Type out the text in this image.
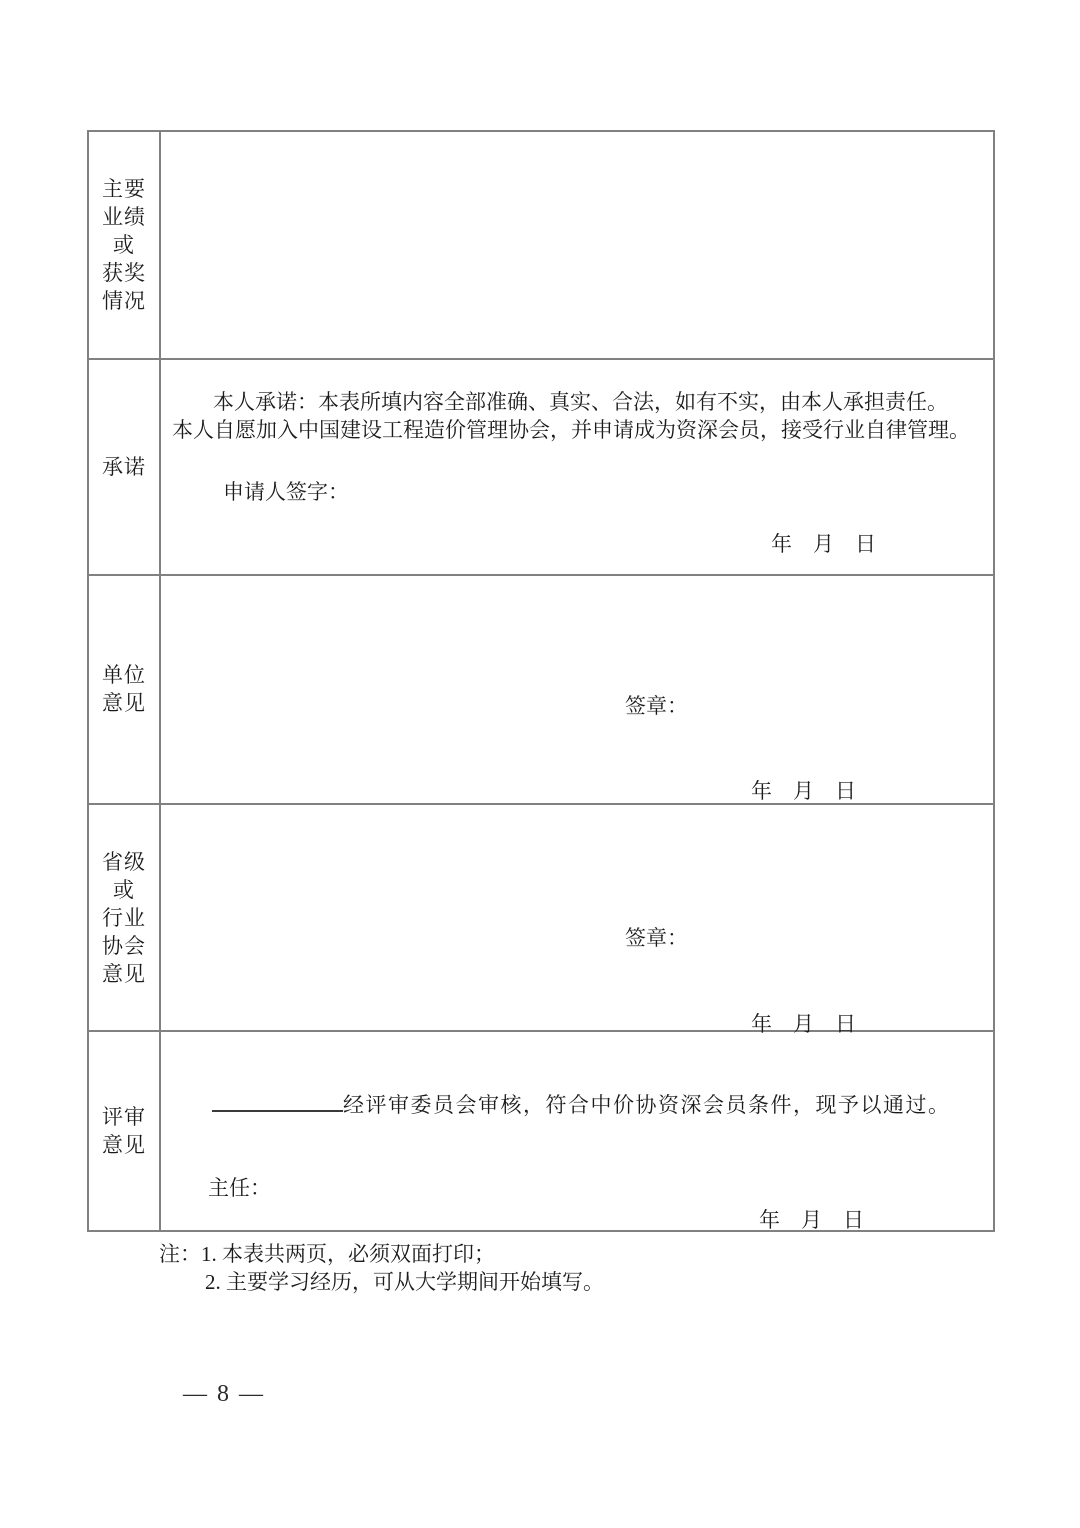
主要
业绩
或
获奖
情况
承诺
本人承诺：本表所填内容全部准确、真实、合法，如有不实，由本人承担责任。
本人自愿加入中国建设工程造价管理协会，并申请成为资深会员，接受行业自律管理。
申请人签字：
年　月　日
单位
意见	签章：
年　月　日
省级
或
行业
协会
意见
签章：
年　月　日
评审
意见
经评审委员会审核，符合中价协资深会员条件，现予以通过。
主任：
年　月　日
注：1. 本表共两页，必须双面打印；
2. 主要学习经历，可从大学期间开始填写。
— 8 —
